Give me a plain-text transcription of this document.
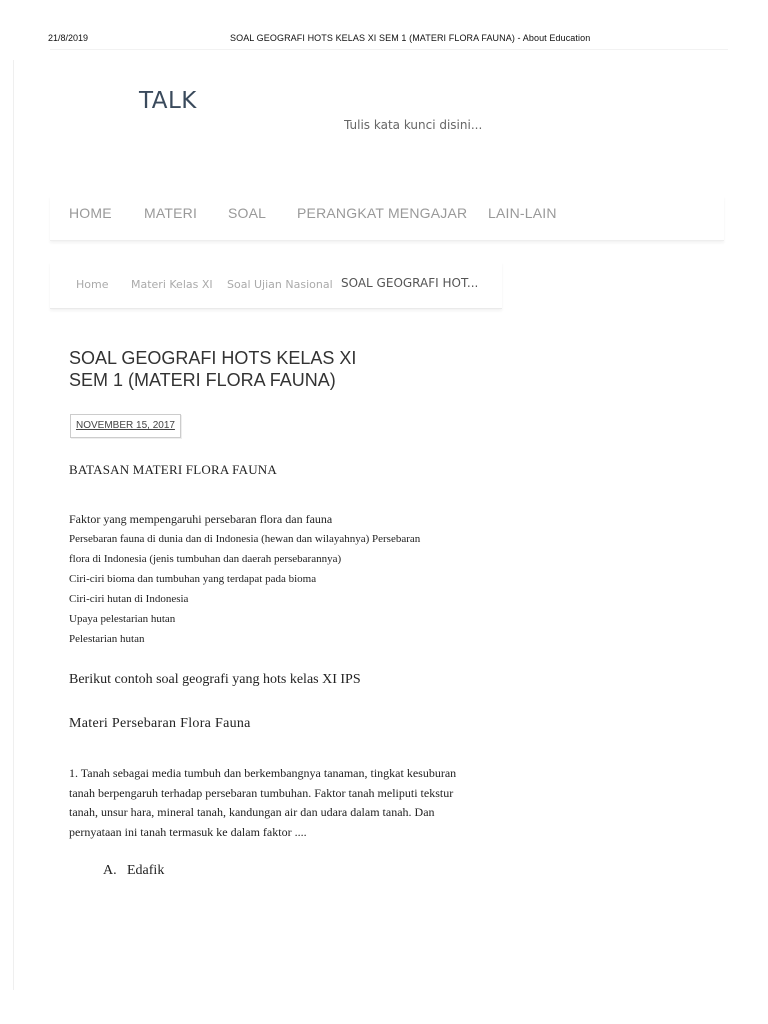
21/8/2019	SOAL GEOGRAFI HOTS KELAS XI SEM 1 (MATERI FLORA FAUNA) - About Education
TALK
Tulis kata kunci disini...
HOME MATERI SOAL PERANGKAT MENGAJAR LAIN-LAIN
Home Materi Kelas XI Soal Ujian Nasional SOAL GEOGRAFI HOT...
SOAL GEOGRAFI HOTS KELAS XI
SEM 1 (MATERI FLORA FAUNA)
NOVEMBER 15, 2017
BATASAN MATERI FLORA FAUNA
Faktor yang mempengaruhi persebaran flora dan fauna
Persebaran fauna di dunia dan di Indonesia (hewan dan wilayahnya) Persebaran
flora di Indonesia (jenis tumbuhan dan daerah persebarannya)
Ciri-ciri bioma dan tumbuhan yang terdapat pada bioma
Ciri-ciri hutan di Indonesia
Upaya pelestarian hutan
Pelestarian hutan
Berikut contoh soal geografi yang hots kelas XI IPS
Materi Persebaran Flora Fauna
1. Tanah sebagai media tumbuh dan berkembangnya tanaman, tingkat kesuburan tanah berpengaruh terhadap persebaran tumbuhan. Faktor tanah meliputi tekstur tanah, unsur hara, mineral tanah, kandungan air dan udara dalam tanah. Dan pernyataan ini tanah termasuk ke dalam faktor ....
A. Edafik
